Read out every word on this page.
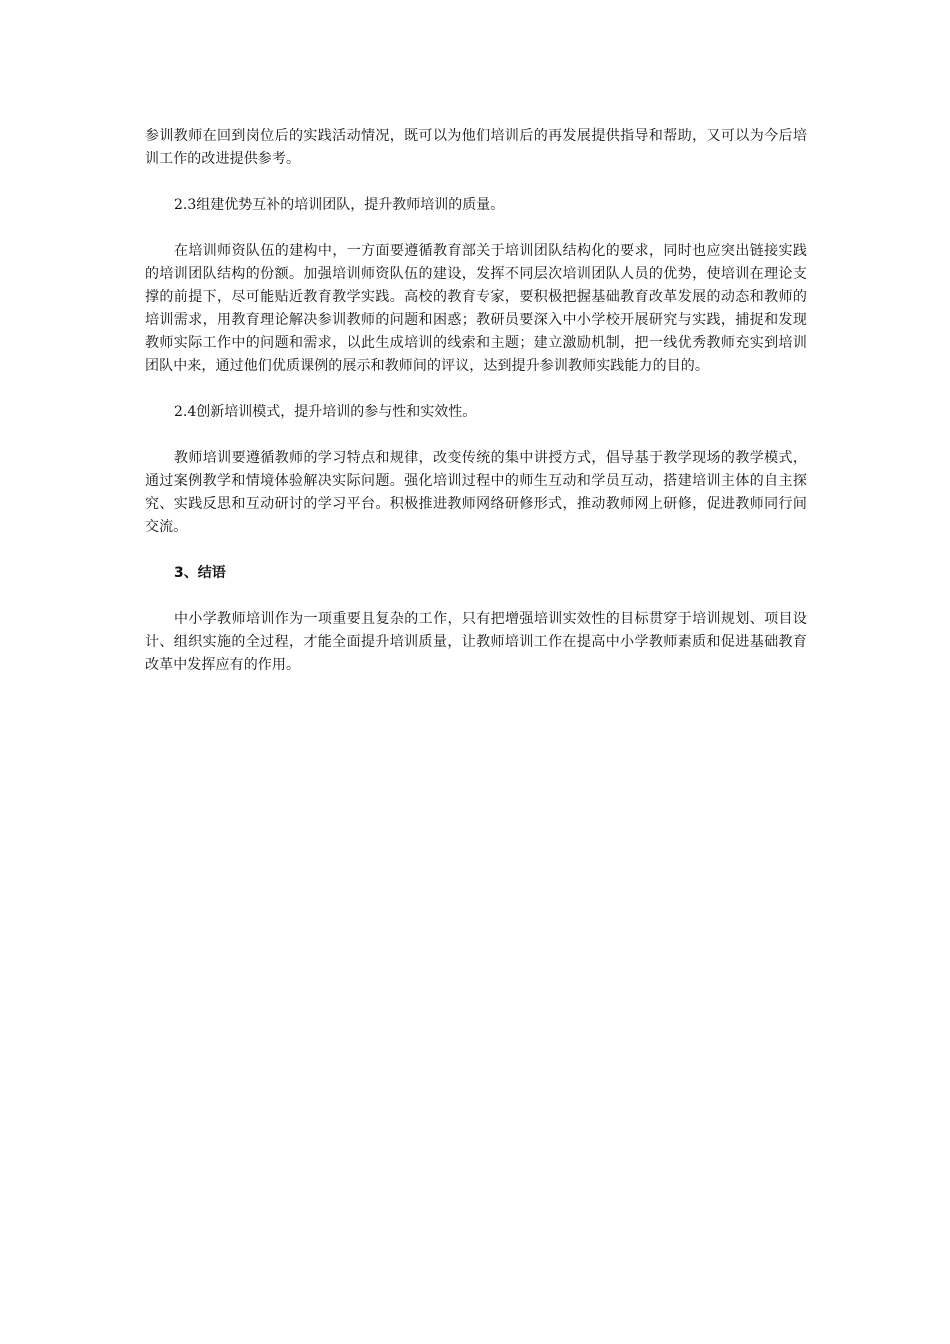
参训教师在回到岗位后的实践活动情况，既可以为他们培训后的再发展提供指导和帮助，又可以为今后培训工作的改进提供参考。

2.3组建优势互补的培训团队，提升教师培训的质量。

在培训师资队伍的建构中，一方面要遵循教育部关于培训团队结构化的要求，同时也应突出链接实践的培训团队结构的份额。加强培训师资队伍的建设，发挥不同层次培训团队人员的优势，使培训在理论支撑的前提下，尽可能贴近教育教学实践。高校的教育专家，要积极把握基础教育改革发展的动态和教师的培训需求，用教育理论解决参训教师的问题和困惑；教研员要深入中小学校开展研究与实践，捕捉和发现教师实际工作中的问题和需求，以此生成培训的线索和主题；建立激励机制，把一线优秀教师充实到培训团队中来，通过他们优质课例的展示和教师间的评议，达到提升参训教师实践能力的目的。

2.4创新培训模式，提升培训的参与性和实效性。

教师培训要遵循教师的学习特点和规律，改变传统的集中讲授方式，倡导基于教学现场的教学模式，通过案例教学和情境体验解决实际问题。强化培训过程中的师生互动和学员互动，搭建培训主体的自主探究、实践反思和互动研讨的学习平台。积极推进教师网络研修形式，推动教师网上研修，促进教师同行间交流。

3、结语

中小学教师培训作为一项重要且复杂的工作，只有把增强培训实效性的目标贯穿于培训规划、项目设计、组织实施的全过程，才能全面提升培训质量，让教师培训工作在提高中小学教师素质和促进基础教育改革中发挥应有的作用。
